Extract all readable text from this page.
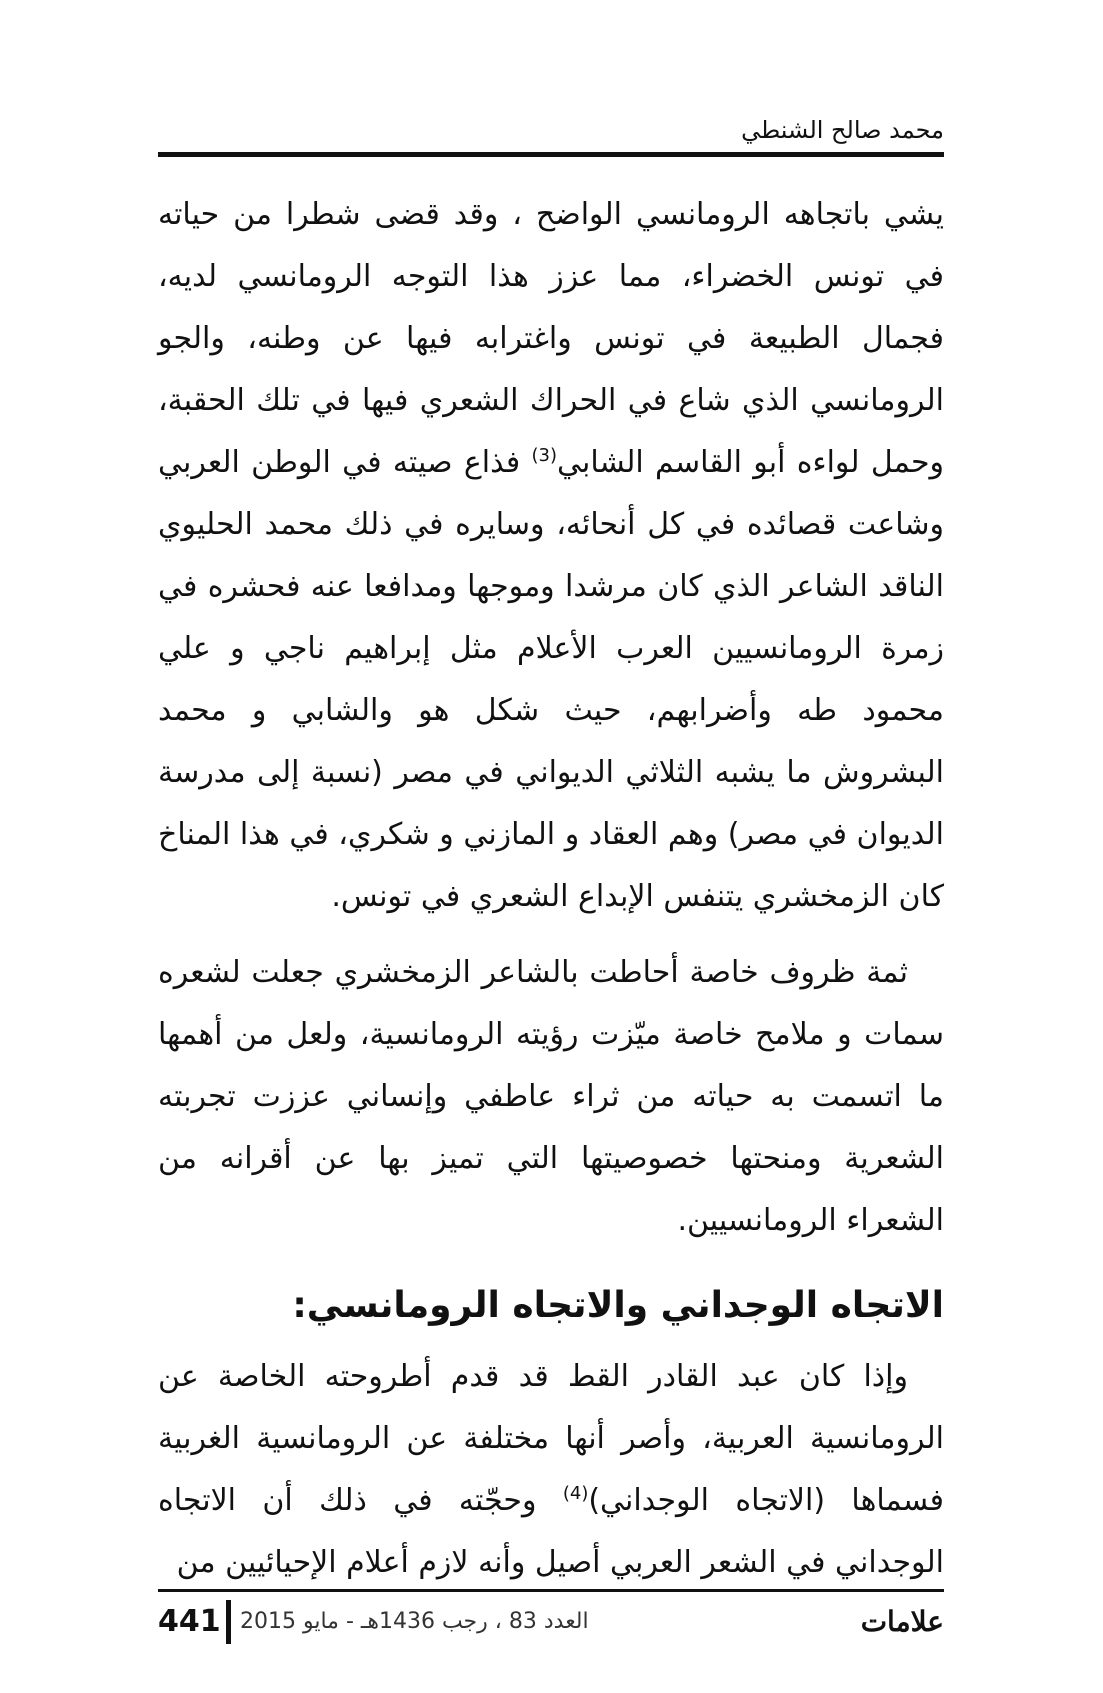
محمد صالح الشنطي

يشي باتجاهه الرومانسي الواضح ، وقد قضى شطرا من حياته في تونس الخضراء، مما عزز هذا التوجه الرومانسي لديه، فجمال الطبيعة في تونس واغترابه فيها عن وطنه، والجو الرومانسي الذي شاع في الحراك الشعري فيها في تلك الحقبة، وحمل لواءه أبو القاسم الشابي$^{(3)}$ فذاع صيته في الوطن العربي وشاعت قصائده في كل أنحائه، وسايره في ذلك محمد الحليوي الناقد الشاعر الذي كان مرشدا وموجها ومدافعا عنه فحشره في زمرة الرومانسيين العرب الأعلام مثل إبراهيم ناجي و علي محمود طه وأضرابهم، حيث شكل هو والشابي و محمد البشروش ما يشبه الثلاثي الديواني في مصر (نسبة إلى مدرسة الديوان في مصر) وهم العقاد و المازني و شكري، في هذا المناخ كان الزمخشري يتنفس الإبداع الشعري في تونس.

ثمة ظروف خاصة أحاطت بالشاعر الزمخشري جعلت لشعره سمات و ملامح خاصة ميّزت رؤيته الرومانسية، ولعل من أهمها ما اتسمت به حياته من ثراء عاطفي وإنساني عززت تجربته الشعرية ومنحتها خصوصيتها التي تميز بها عن أقرانه من الشعراء الرومانسيين.

الاتجاه الوجداني والاتجاه الرومانسي:

وإذا كان عبد القادر القط قد قدم أطروحته الخاصة عن الرومانسية العربية، وأصر أنها مختلفة عن الرومانسية الغربية فسماها (الاتجاه الوجداني)$^{(4)}$ وحجّته في ذلك أن الاتجاه الوجداني في الشعر العربي أصيل وأنه لازم أعلام الإحيائيين من

441 العدد 83 ، رجب 1436هـ - مايو 2015	علامات
